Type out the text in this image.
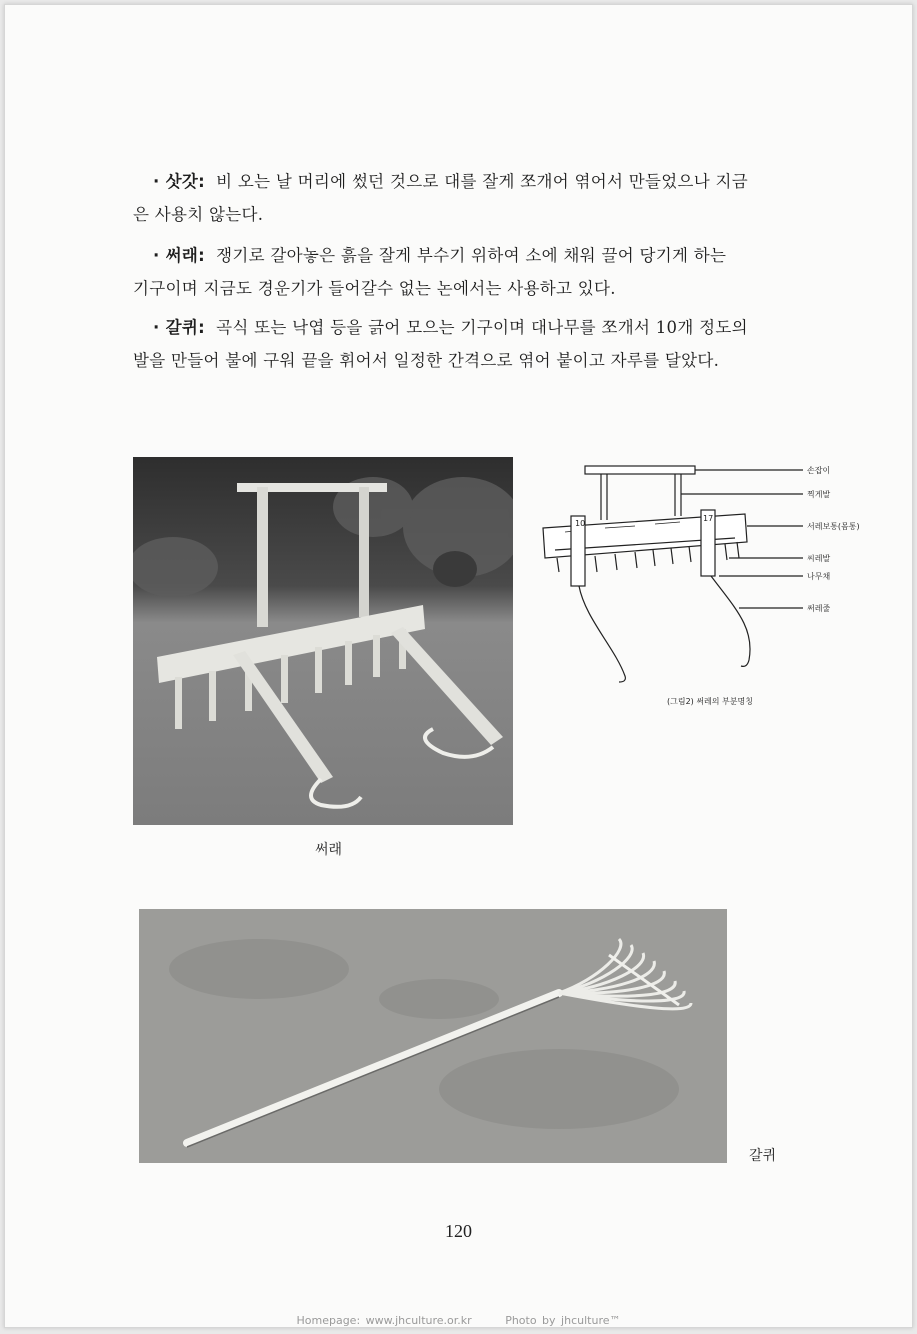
· 삿갓: 비 오는 날 머리에 썼던 것으로 대를 잘게 쪼개어 엮어서 만들었으나 지금
은 사용치 않는다.
· 써래: 쟁기로 갈아놓은 흙을 잘게 부수기 위하여 소에 채워 끌어 당기게 하는
기구이며 지금도 경운기가 들어갈수 없는 논에서는 사용하고 있다.
· 갈퀴: 곡식 또는 낙엽 등을 긁어 모으는 기구이며 대나무를 쪼개서 10개 정도의
발을 만들어 불에 구워 끝을 휘어서 일정한 간격으로 엮어 붙이고 자루를 달았다.
써래
10
17
손잡이
찍게발
서레보통(몸통)
씨레발
나무채
써레줄
(그림2) 써레의 부분명칭
갈퀴
120
Homepage: www.jhculture.or.kr	Photo by jhculture™
